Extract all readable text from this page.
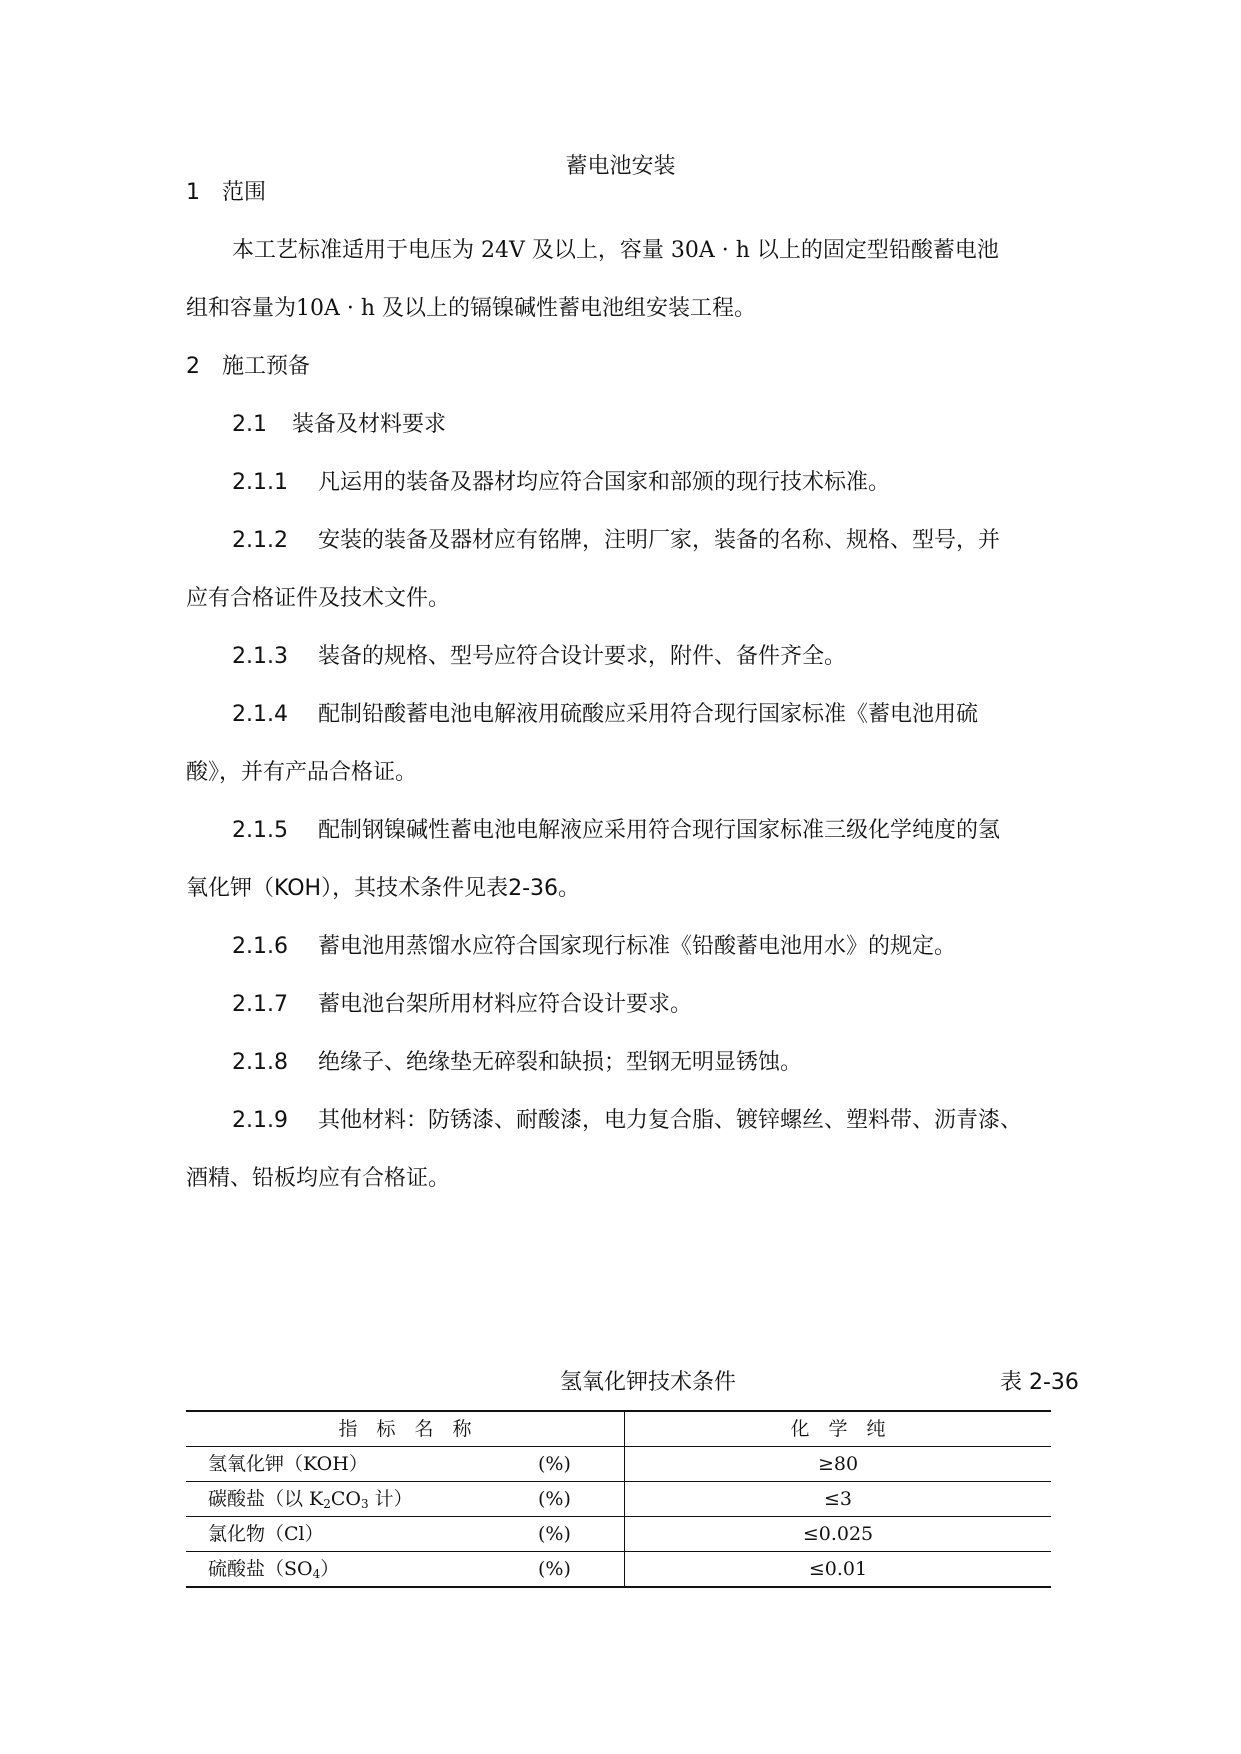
蓄电池安装
1 范围
本工艺标准适用于电压为 24V 及以上，容量 30A · h 以上的固定型铅酸蓄电池
组和容量为10A · h 及以上的镉镍碱性蓄电池组安装工程。
2 施工预备
2.1 装备及材料要求
2.1.1 凡运用的装备及器材均应符合国家和部颁的现行技术标准。
2.1.2 安装的装备及器材应有铭牌，注明厂家，装备的名称、规格、型号，并
应有合格证件及技术文件。
2.1.3 装备的规格、型号应符合设计要求，附件、备件齐全。
2.1.4 配制铅酸蓄电池电解液用硫酸应采用符合现行国家标准《蓄电池用硫
酸》，并有产品合格证。
2.1.5 配制钢镍碱性蓄电池电解液应采用符合现行国家标准三级化学纯度的氢
氧化钾（KOH），其技术条件见表2-36。
2.1.6 蓄电池用蒸馏水应符合国家现行标准《铅酸蓄电池用水》的规定。
2.1.7 蓄电池台架所用材料应符合设计要求。
2.1.8 绝缘子、绝缘垫无碎裂和缺损；型钢无明显锈蚀。
2.1.9 其他材料：防锈漆、耐酸漆，电力复合脂、镀锌螺丝、塑料带、沥青漆、
酒精、铅板均应有合格证。
氢氧化钾技术条件	表 2-36
指　标　名　称		化　学　纯
氢氧化钾（KOH）	(%)	≥80
碳酸盐（以 $K_2CO_3$ 计）	(%)	≤3
氯化物（Cl）	(%)	≤0.025
硫酸盐$(SO_4)$	(%)	≤0.01
